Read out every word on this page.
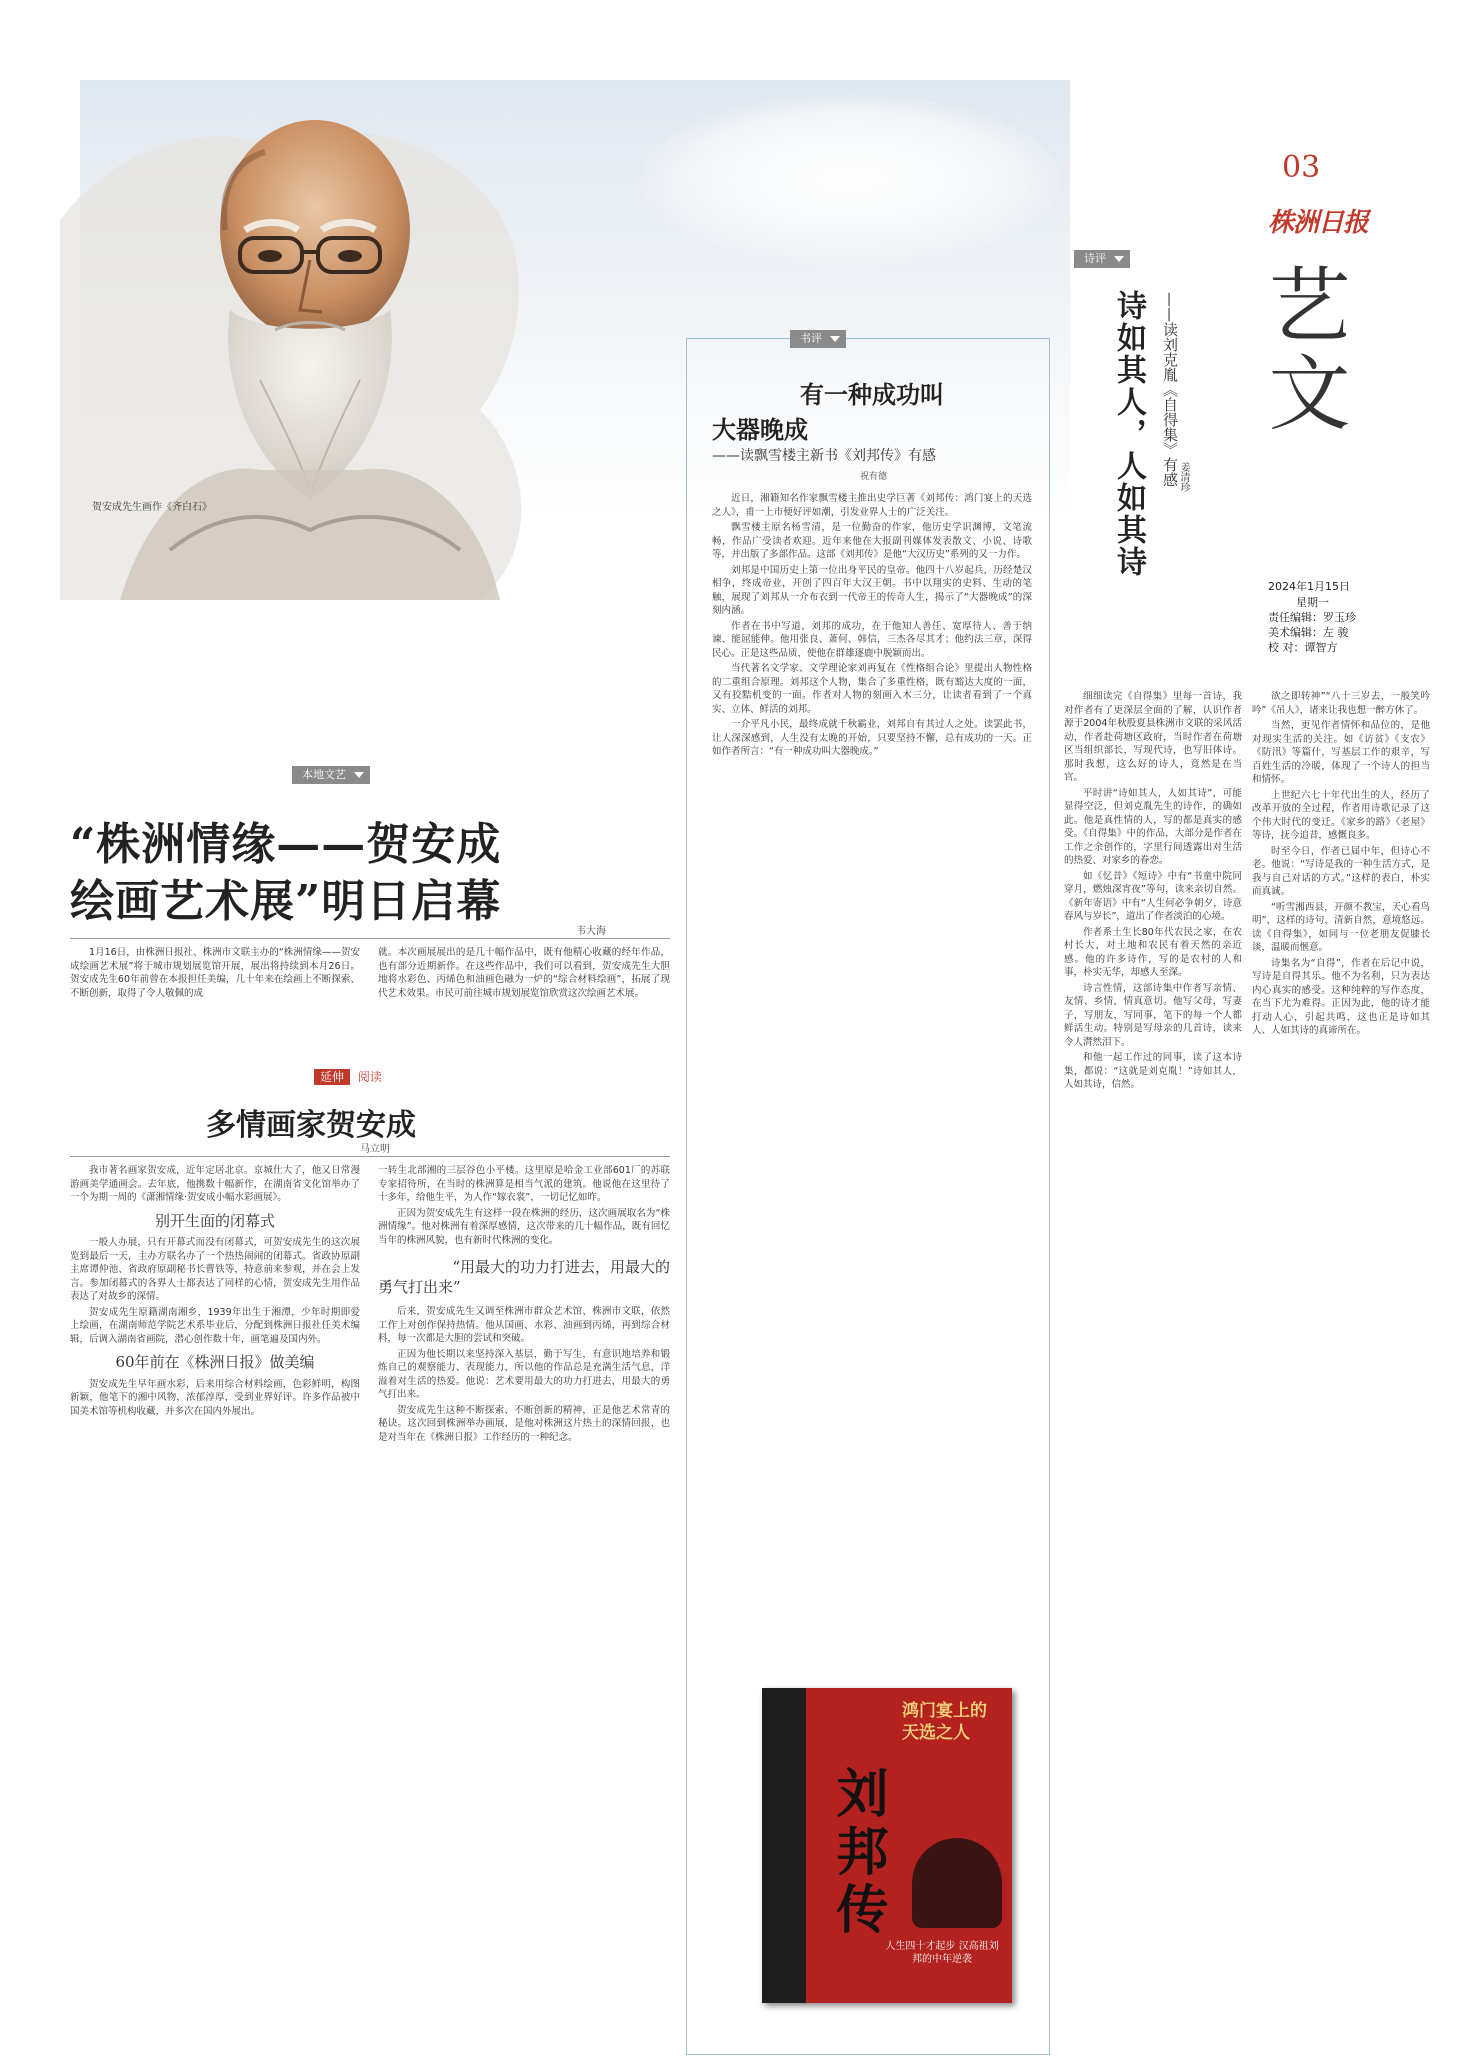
贺安成先生画作《齐白石》
03
株洲日报
艺文
2024年1月15日
星期一
责任编辑：罗玉珍
美术编辑：左 骏
校 对：谭智方
书评
有一种成功叫
大器晚成
——读飘雪楼主新书《刘邦传》有感
祝有德

近日，湘籍知名作家飘雪楼主推出史学巨著《刘邦传：鸿门宴上的天选之人》，甫一上市便好评如潮，引发业界人士的广泛关注。

飘雪楼主原名杨雪清，是一位勤奋的作家，他历史学识渊博，文笔流畅，作品广受读者欢迎。近年来他在大报副刊媒体发表散文、小说、诗歌等，并出版了多部作品。这部《刘邦传》是他“大汉历史”系列的又一力作。

刘邦是中国历史上第一位出身平民的皇帝。他四十八岁起兵，历经楚汉相争，终成帝业，开创了四百年大汉王朝。书中以翔实的史料、生动的笔触，展现了刘邦从一介布衣到一代帝王的传奇人生，揭示了“大器晚成”的深刻内涵。

作者在书中写道，刘邦的成功，在于他知人善任、宽厚待人、善于纳谏、能屈能伸。他用张良、萧何、韩信，三杰各尽其才；他约法三章，深得民心。正是这些品质，使他在群雄逐鹿中脱颖而出。

当代著名文学家、文学理论家刘再复在《性格组合论》里提出人物性格的二重组合原理。刘邦这个人物，集合了多重性格，既有豁达大度的一面，又有狡黠机变的一面。作者对人物的刻画入木三分，让读者看到了一个真实、立体、鲜活的刘邦。

一介平凡小民，最终成就千秋霸业，刘邦自有其过人之处。读罢此书，让人深深感到，人生没有太晚的开始，只要坚持不懈，总有成功的一天。正如作者所言：“有一种成功叫大器晚成。”

鸿门宴上的天选之人
刘邦传
人生四十才起步 汉高祖刘邦的中年逆袭
诗评
诗如其人，人如其诗	姜清珍
——读刘克胤《自得集》有感

细细读完《自得集》里每一首诗，我对作者有了更深层全面的了解，认识作者源于2004年秋股夏县株洲市文联的采风活动，作者赴荷塘区政府，当时作者在荷塘区当组织部长，写现代诗，也写旧体诗。那时我想，这么好的诗人，竟然是在当官。

平时讲“诗如其人，人如其诗”，可能显得空泛，但刘克胤先生的诗作，的确如此。他是真性情的人，写的都是真实的感受。《自得集》中的作品，大部分是作者在工作之余创作的，字里行间透露出对生活的热爱、对家乡的眷恋。

如《忆昔》《短诗》中有“书童中院同穿月，燃烛深宵夜”等句，读来亲切自然。《新年寄语》中有“人生何必争朝夕，诗意春风与岁长”，道出了作者淡泊的心境。

作者系土生长80年代农民之家，在农村长大，对土地和农民有着天然的亲近感。他的许多诗作，写的是农村的人和事，朴实无华，却感人至深。

诗言性情，这部诗集中作者写亲情、友情、乡情，情真意切。他写父母，写妻子，写朋友，写同事，笔下的每一个人都鲜活生动。特别是写母亲的几首诗，读来令人潸然泪下。

和他一起工作过的同事，读了这本诗集，都说：“这就是刘克胤！”诗如其人，人如其诗，信然。

欲之即转神”“八十三岁去，一般笑吟吟”《吊人》，诸来让我也想一醉方休了。

当然，更见作者情怀和品位的，是他对现实生活的关注。如《访贫》《支农》《防汛》等篇什，写基层工作的艰辛，写百姓生活的冷暖，体现了一个诗人的担当和情怀。

上世纪六七十年代出生的人，经历了改革开放的全过程，作者用诗歌记录了这个伟大时代的变迁。《家乡的路》《老屋》等诗，抚今追昔，感慨良多。

时至今日，作者已届中年，但诗心不老。他说：“写诗是我的一种生活方式，是我与自己对话的方式。”这样的表白，朴实而真诚。

“听雪湘西县，开颜不教宝，天心看鸟明”，这样的诗句，清新自然，意境悠远。读《自得集》，如同与一位老朋友促膝长谈，温暖而惬意。

诗集名为“自得”，作者在后记中说，写诗是自得其乐。他不为名利，只为表达内心真实的感受。这种纯粹的写作态度，在当下尤为难得。正因为此，他的诗才能打动人心，引起共鸣，这也正是诗如其人、人如其诗的真谛所在。

本地文艺
“株洲情缘——贺安成
绘画艺术展”明日启幕
韦大海

1月16日，由株洲日报社、株洲市文联主办的“株洲情缘——贺安成绘画艺术展”将于城市规划展览馆开展，展出将持续到本月26日。贺安成先生60年前曾在本报担任美编，几十年来在绘画上不断探索、不断创新，取得了令人敬佩的成

就。本次画展展出的是几十幅作品中，既有他精心收藏的经年作品，也有部分近期新作。在这些作品中，我们可以看到，贺安成先生大胆地将水彩色、丙烯色和油画色融为一炉的“综合材料绘画”，拓展了现代艺术效果。市民可前往城市规划展览馆欣赏这次绘画艺术展。

延伸 阅读
多情画家贺安成
马立明

我市著名画家贺安成，近年定居北京。京城仕大了，他又日常漫游画美学通画会。去年底，他携数十幅新作，在湖南省文化馆举办了一个为期一周的《潇湘情缘·贺安成小幅水彩画展》。

别开生面的闭幕式

一般人办展，只有开幕式而没有闭幕式，可贺安成先生的这次展览到最后一天，主办方联名办了一个热热闹闹的闭幕式。省政协原副主席谭仲池、省政府原副秘书长曹铁等，特意前来参观，并在会上发言。参加闭幕式的各界人士都表达了同样的心情，贺安成先生用作品表达了对故乡的深情。

贺安成先生原籍湖南湘乡，1939年出生于湘潭，少年时期即爱上绘画，在湖南师范学院艺术系毕业后，分配到株洲日报社任美术编辑，后调入湖南省画院，潜心创作数十年，画笔遍及国内外。

60年前在《株洲日报》做美编

贺安成先生早年画水彩，后来用综合材料绘画，色彩鲜明，构图新颖，他笔下的湘中风物，浓郁淳厚，受到业界好评。许多作品被中国美术馆等机构收藏，并多次在国内外展出。

一转生北部湘的三层谷色小平楼。这里原是哈金工业部601厂的苏联专家招待所，在当时的株洲算是相当气派的建筑。他说他在这里待了十多年，给他生平，为人作“嫁衣裳”，一切记忆如昨。

正因为贺安成先生有这样一段在株洲的经历，这次画展取名为“株洲情缘”。他对株洲有着深厚感情，这次带来的几十幅作品，既有回忆当年的株洲风貌，也有新时代株洲的变化。

“用最大的功力打进去，用最大的
勇气打出来”

后来，贺安成先生又调至株洲市群众艺术馆、株洲市文联，依然工作上对创作保持热情。他从国画、水彩、油画到丙烯，再到综合材料，每一次都是大胆的尝试和突破。

正因为他长期以来坚持深入基层，勤于写生，有意识地培养和锻炼自己的观察能力、表现能力，所以他的作品总是充满生活气息，洋溢着对生活的热爱。他说：艺术要用最大的功力打进去，用最大的勇气打出来。

贺安成先生这种不断探索、不断创新的精神，正是他艺术常青的秘诀。这次回到株洲举办画展，是他对株洲这片热土的深情回报，也是对当年在《株洲日报》工作经历的一种纪念。
